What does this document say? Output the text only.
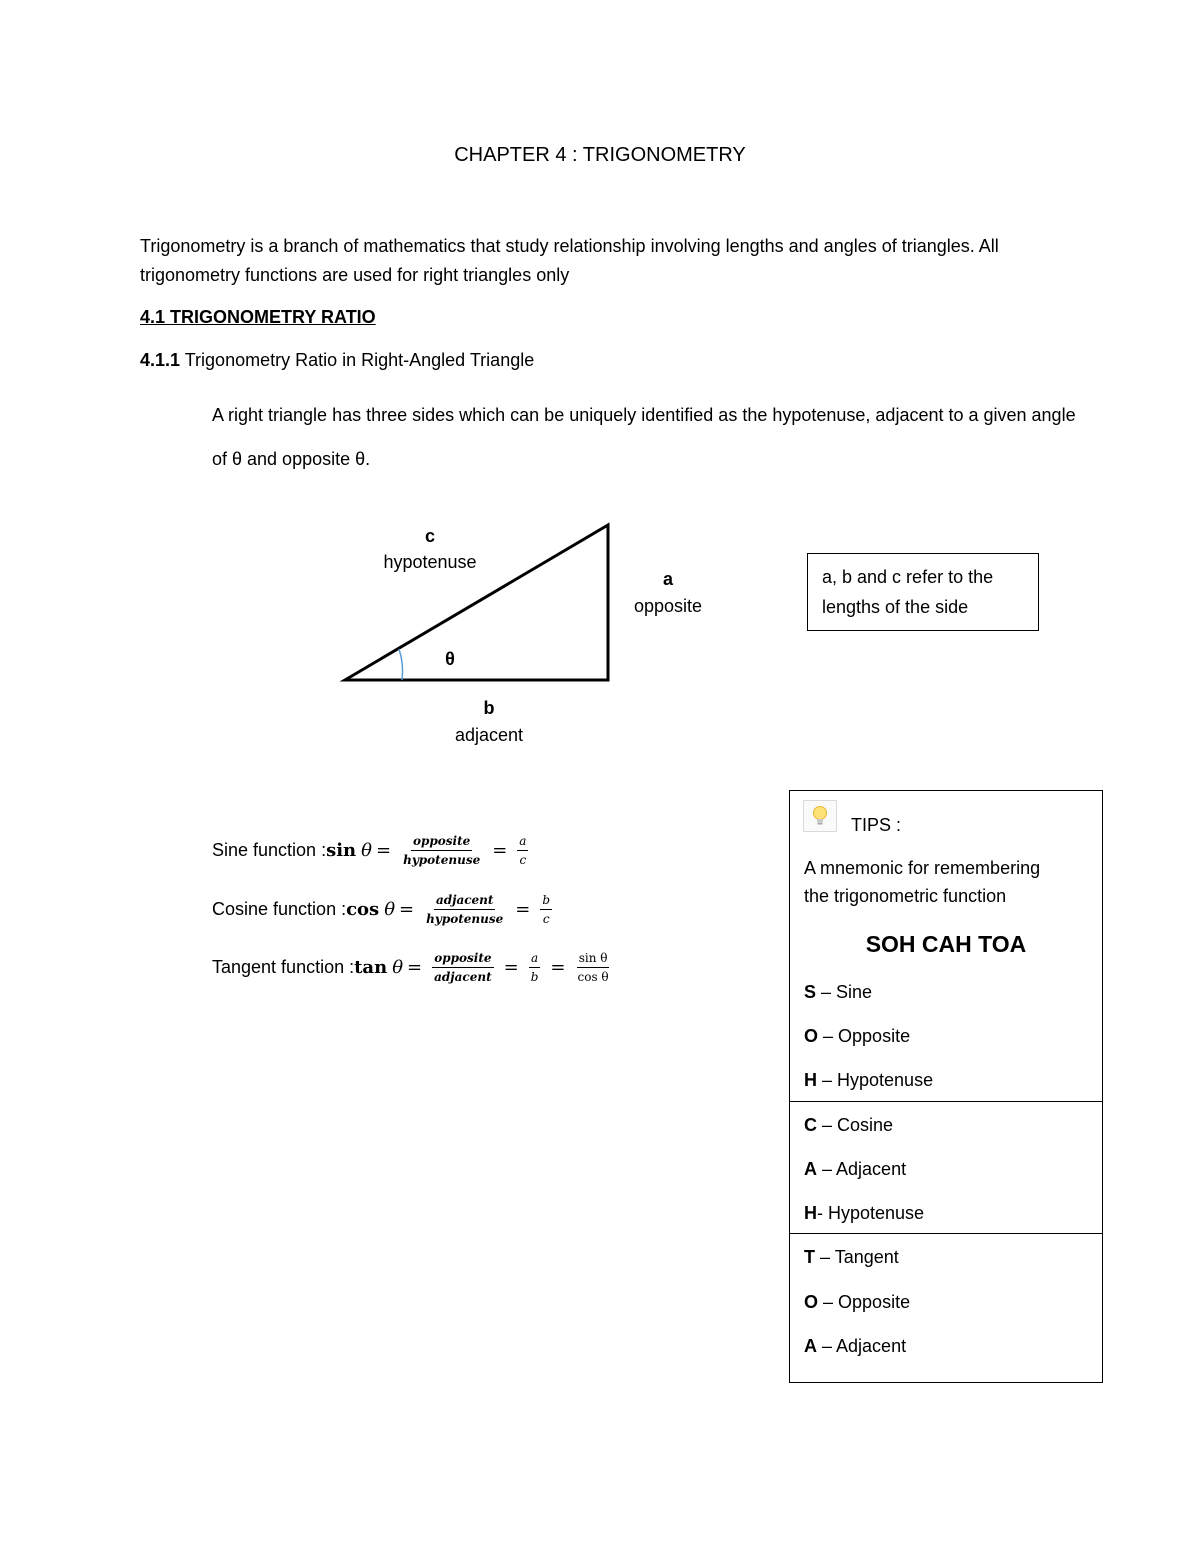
CHAPTER 4 : TRIGONOMETRY
Trigonometry is a branch of mathematics that study relationship involving lengths and angles of triangles. All trigonometry functions are used for right triangles only
4.1 TRIGONOMETRY RATIO
4.1.1 Trigonometry Ratio in Right-Angled Triangle
A right triangle has three sides which can be uniquely identified as the hypotenuse, adjacent to a given angle of θ and opposite θ.
c
hypotenuse
a
opposite
θ
b
adjacent
a, b and c refer to the lengths of the side
Sine function : sin
$\theta = \frac{\text{opposite}}{\text{hypotenuse}} = \frac{a}{c}$
Cosine function : cos
$\theta = \frac{\text{adjacent}}{\text{hypotenuse}} = \frac{b}{c}$
Tangent function : tan
$\theta = \frac{\text{opposite}}{\text{adjacent}} = \frac{a}{b} = \frac{\text{sin θ}}{\text{cos θ}}$
TIPS :
A mnemonic for remembering
the trigonometric function
SOH CAH TOA
S – Sine
O – Opposite
H – Hypotenuse
C – Cosine
A – Adjacent
H- Hypotenuse
T – Tangent
O – Opposite
A – Adjacent
